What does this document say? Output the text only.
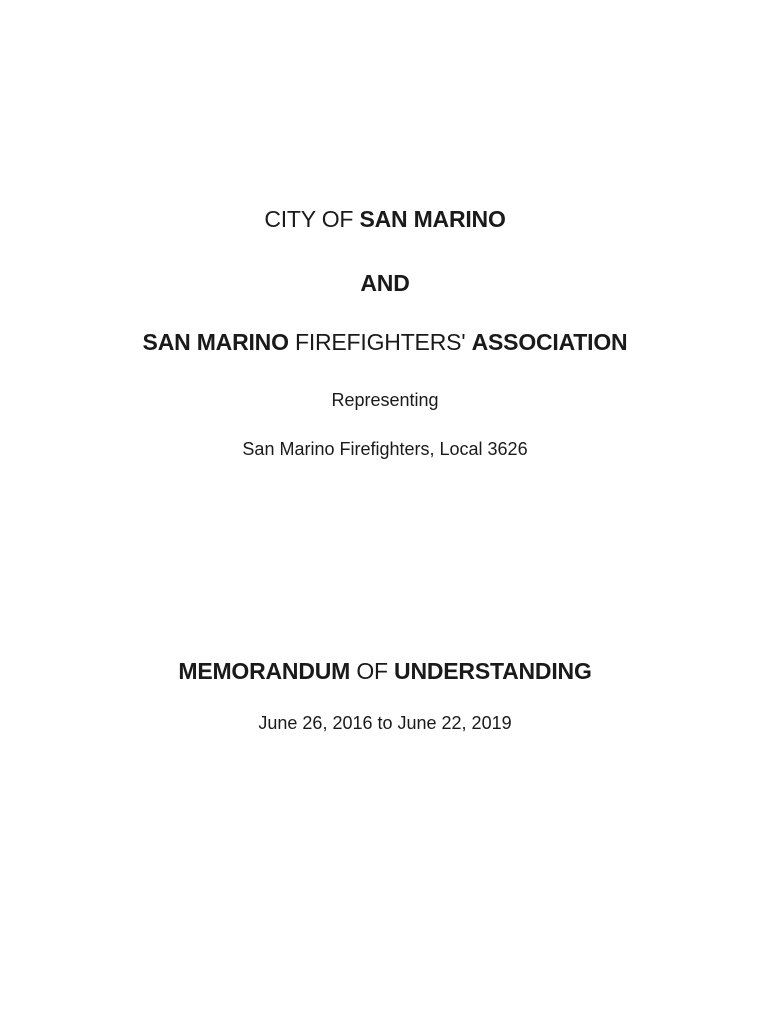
CITY OF SAN MARINO
AND
SAN MARINO FIREFIGHTERS' ASSOCIATION
Representing
San Marino Firefighters, Local 3626
MEMORANDUM OF UNDERSTANDING
June 26, 2016 to June 22, 2019
